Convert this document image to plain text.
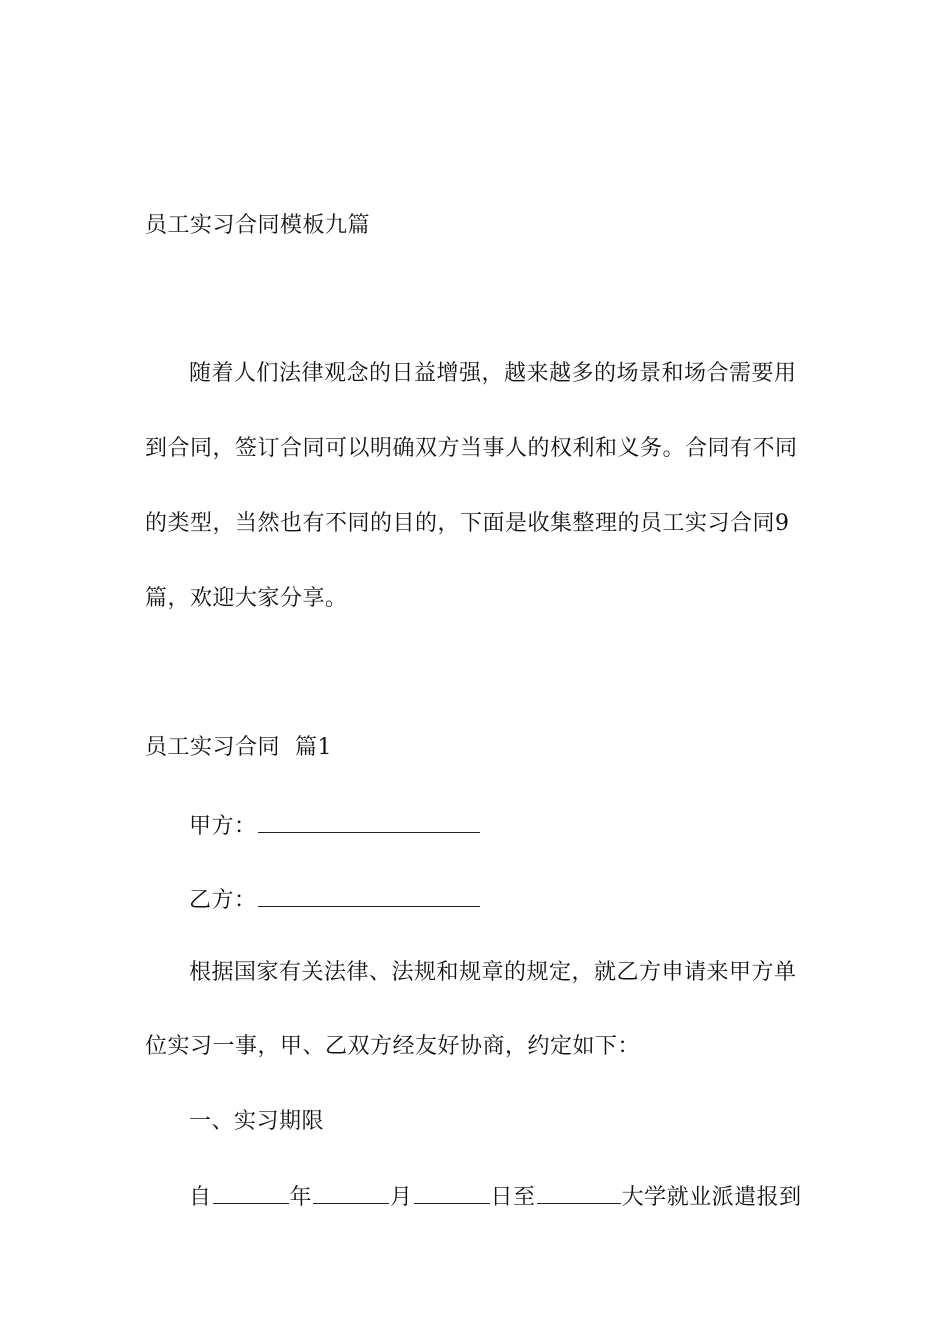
员工实习合同模板九篇
随着人们法律观念的日益增强，越来越多的场景和场合需要用
到合同，签订合同可以明确双方当事人的权利和义务。合同有不同
的类型，当然也有不同的目的，下面是收集整理的员工实习合同9
篇，欢迎大家分享。
员工实习合同  篇1
甲方：
乙方：
根据国家有关法律、法规和规章的规定，就乙方申请来甲方单
位实习一事，甲、乙双方经友好协商，约定如下：
一、实习期限
自	年	月	日至	大学就业派遣报到
